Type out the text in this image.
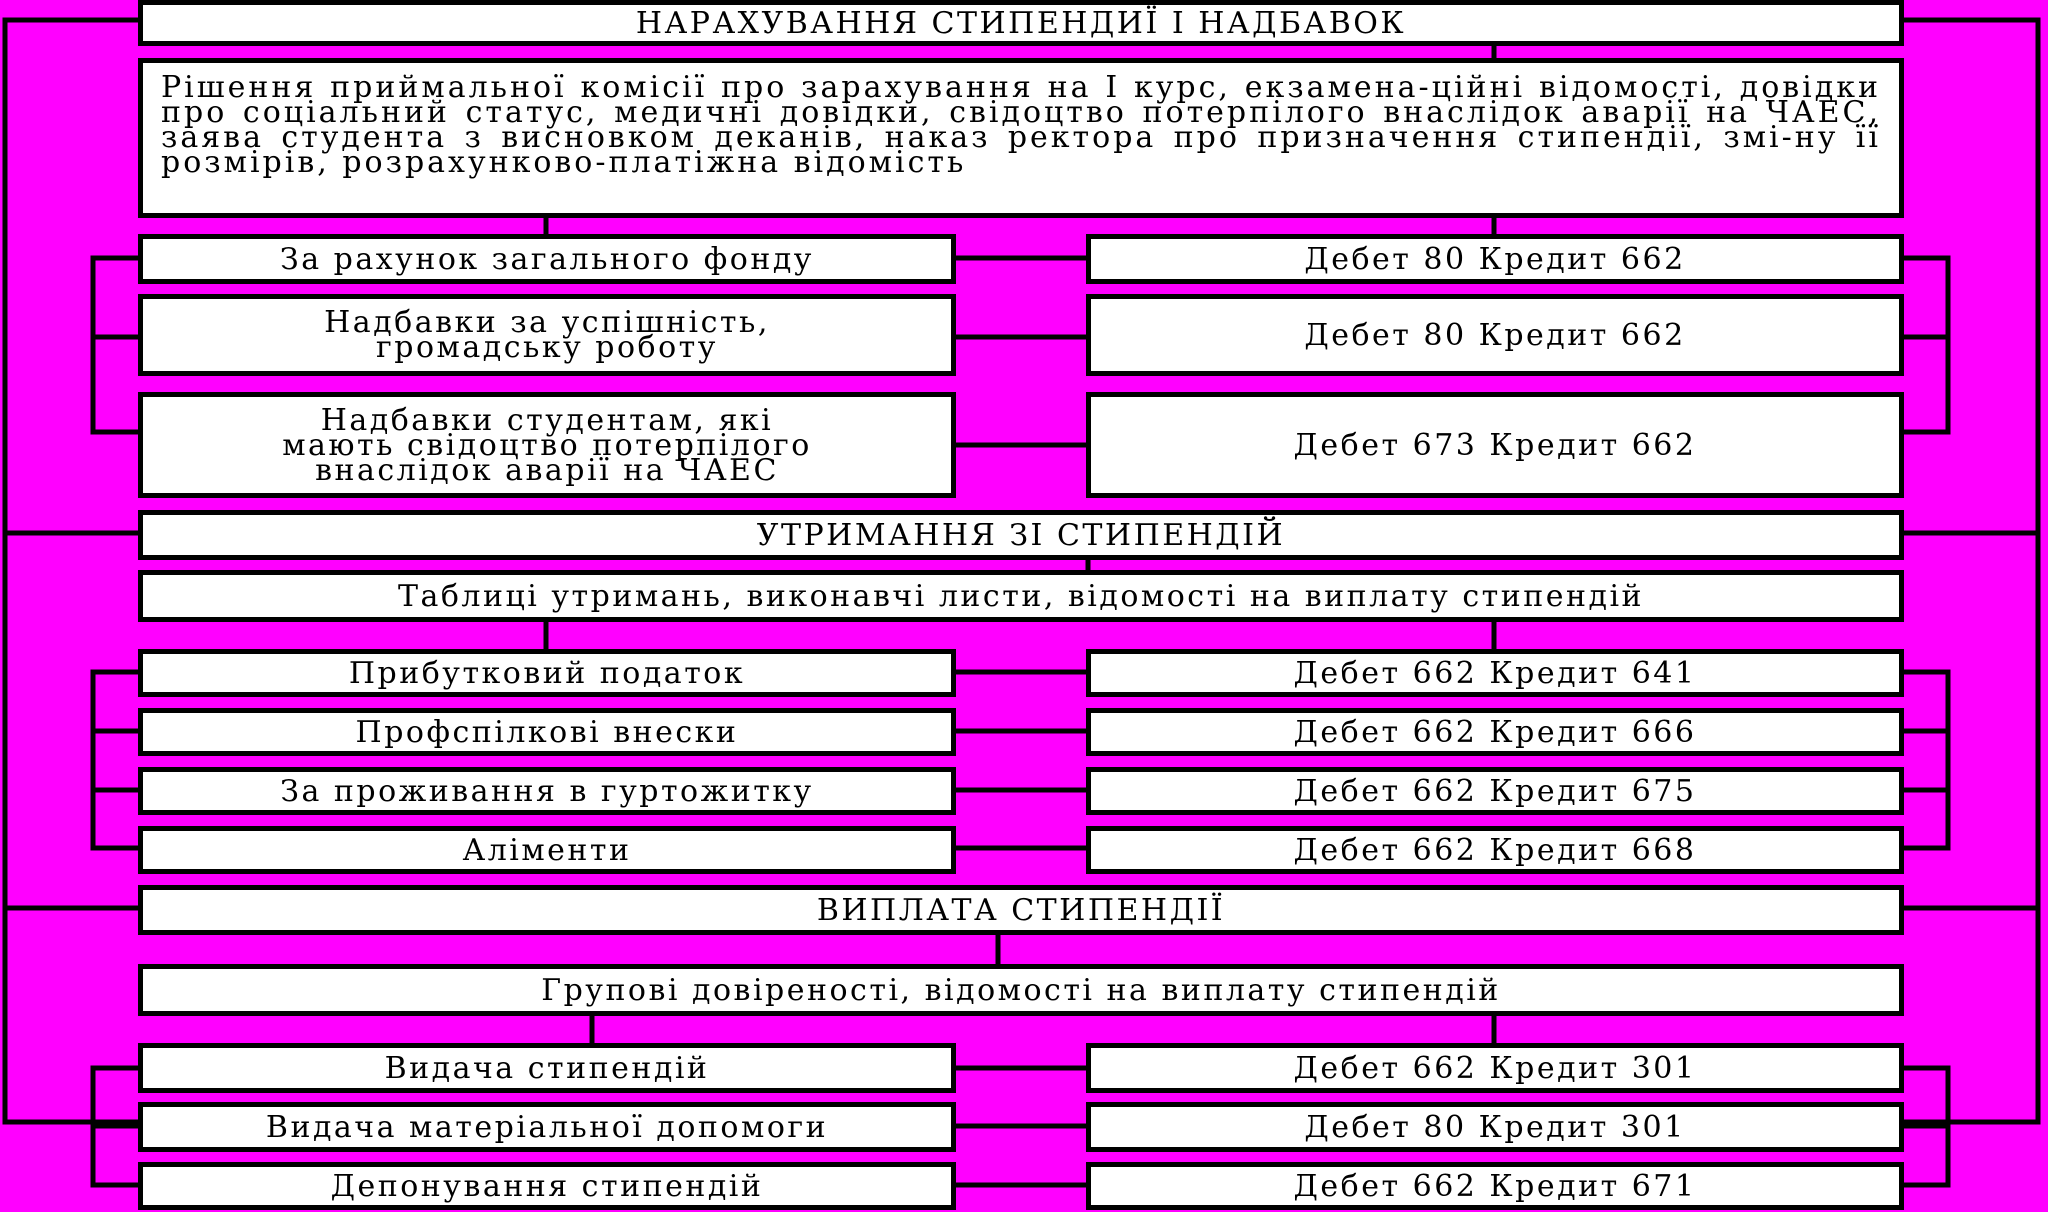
НАРАХУВАННЯ СТИПЕНДИЇ І НАДБАВОК
Рішення приймальної комісії про зарахування на I курс, екзамена-ційні відомості, довідки про соціальний статус, медичні довідки, свідоцтво потерпілого внаслідок аварії на ЧАЕС, заява студента з висновком деканів, наказ ректора про призначення стипендії, змі-ну її розмірів, розрахунково-платіжна відомість
За рахунок загального фонду	Дебет 80 Кредит 662
Надбавки за успішність,
громадську роботу	Дебет 80 Кредит 662
Надбавки студентам, які
мають свідоцтво потерпілого
внаслідок аварії на ЧАЕС
Дебет 673 Кредит 662
УТРИМАННЯ ЗІ СТИПЕНДІЙ
Таблиці утримань, виконавчі листи, відомості на виплату стипендій
Прибутковий податок	Дебет 662 Кредит 641
Профспілкові внески	Дебет 662 Кредит 666
За проживання в гуртожитку	Дебет 662 Кредит 675
Аліменти	Дебет 662 Кредит 668
ВИПЛАТА СТИПЕНДІЇ
Групові довіреності, відомості на виплату стипендій
Видача стипендій	Дебет 662 Кредит 301
Видача матеріальної допомоги	Дебет 80 Кредит 301
Депонування стипендій	Дебет 662 Кредит 671
